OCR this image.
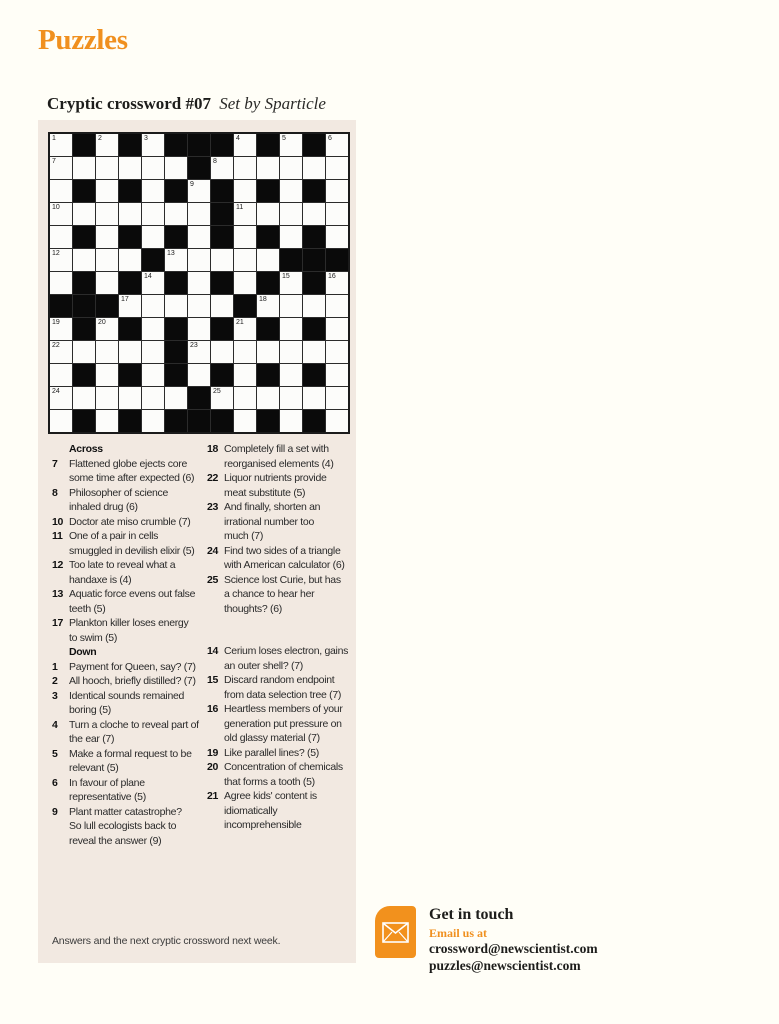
Puzzles
Cryptic crossword #07 Set by Sparticle
1	2	3	4	5	6
7	8
9
10	11
12	13
14	15	16
17	18
19	20	21
22	23
24	25
Across
7	Flattened globe ejects core
some time after expected (6)
8	Philosopher of science
inhaled drug (6)
10 Doctor ate miso crumble (7)
11 One of a pair in cells
smuggled in devilish elixir (5)
12 Too late to reveal what a
handaxe is (4)
13 Aquatic force evens out false
teeth (5)
17 Plankton killer loses energy
to swim (5)
Down
1	Payment for Queen, say? (7)
2	All hooch, briefly distilled? (7)
3	Identical sounds remained
boring (5)
4	Turn a cloche to reveal part of
the ear (7)
5	Make a formal request to be
relevant (5)
6	In favour of plane
representative (5)
9	Plant matter catastrophe?
So lull ecologists back to
reveal the answer (9)
18 Completely fill a set with
reorganised elements (4)
22 Liquor nutrients provide
meat substitute (5)
23 And finally, shorten an
irrational number too
much (7)
24 Find two sides of a triangle
with American calculator (6)
25 Science lost Curie, but has
a chance to hear her
thoughts? (6)
14 Cerium loses electron, gains
an outer shell? (7)
15 Discard random endpoint
from data selection tree (7)
16 Heartless members of your
generation put pressure on
old glassy material (7)
19 Like parallel lines? (5)
20 Concentration of chemicals
that forms a tooth (5)
21 Agree kids' content is
idiomatically
incomprehensible
Answers and the next cryptic crossword next week.
Get in touch
Email us at
crossword@newscientist.com
puzzles@newscientist.com
